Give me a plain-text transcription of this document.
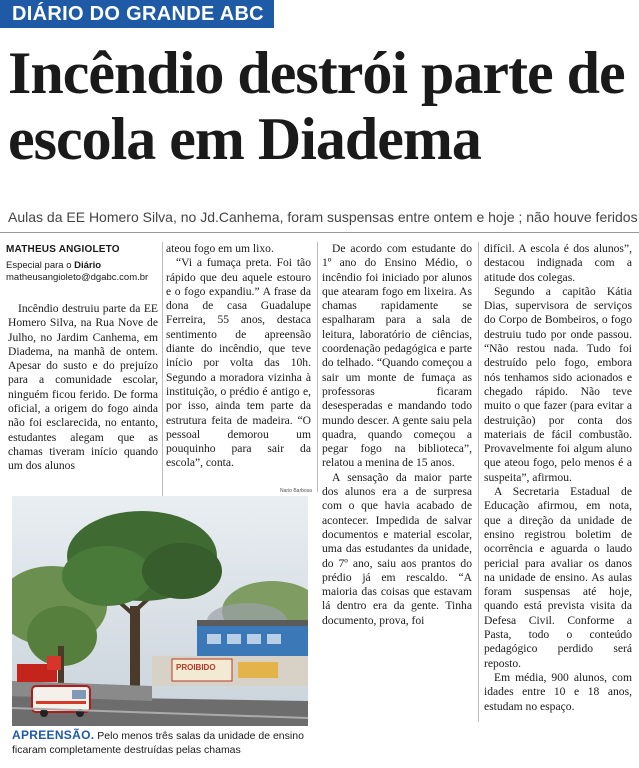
DIÁRIO DO GRANDE ABC
Incêndio destrói parte de escola em Diadema

Aulas da EE Homero Silva, no Jd.Canhema, foram suspensas entre ontem e hoje ; não houve feridos

MATHEUS ANGIOLETO
Especial para o Diário
matheusangioleto@dgabc.com.br

Incêndio destruiu parte da EE Homero Silva, na Rua Nove de Julho, no Jardim Canhema, em Diadema, na manhã de ontem. Apesar do susto e do prejuízo para a comunidade escolar, ninguém ficou ferido. De forma oficial, a origem do fogo ainda não foi esclarecida, no entanto, estudantes alegam que as chamas tiveram início quando um dos alunos

ateou fogo em um lixo.

“Vi a fumaça preta. Foi tão rápido que deu aquele estouro e o fogo expandiu.” A frase da dona de casa Guadalupe Ferreira, 55 anos, destaca sentimento de apreensão diante do incêndio, que teve início por volta das 10h. Segundo a moradora vizinha à instituição, o prédio é antigo e, por isso, ainda tem parte da estrutura feita de madeira. “O pessoal demorou um pouquinho para sair da escola”, conta.

De acordo com estudante do 1º ano do Ensino Médio, o incêndio foi iniciado por alunos que atearam fogo em lixeira. As chamas rapidamente se espalharam para a sala de leitura, laboratório de ciências, coordenação pedagógica e parte do telhado. “Quando começou a sair um monte de fumaça as professoras ficaram desesperadas e mandando todo mundo descer. A gente saiu pela quadra, quando começou a pegar fogo na biblioteca”, relatou a menina de 15 anos.

A sensação da maior parte dos alunos era a de surpresa com o que havia acabado de acontecer. Impedida de salvar documentos e material escolar, uma das estudantes da unidade, do 7º ano, saiu aos prantos do prédio já em rescaldo. “A maioria das coisas que estavam lá dentro era da gente. Tinha documento, prova, foi

difícil. A escola é dos alunos”, destacou indignada com a atitude dos colegas.

Segundo a capitão Kátia Dias, supervisora de serviços do Corpo de Bombeiros, o fogo destruiu tudo por onde passou. “Não restou nada. Tudo foi destruído pelo fogo, embora nós tenhamos sido acionados e chegado rápido. Não teve muito o que fazer (para evitar a destruição) por conta dos materiais de fácil combustão. Provavelmente foi algum aluno que ateou fogo, pelo menos é a suspeita”, afirmou.

A Secretaria Estadual de Educação afirmou, em nota, que a direção da unidade de ensino registrou boletim de ocorrência e aguarda o laudo pericial para avaliar os danos na unidade de ensino. As aulas foram suspensas até hoje, quando está prevista visita da Defesa Civil. Conforme a Pasta, todo o conteúdo pedagógico perdido será reposto.

Em média, 900 alunos, com idades entre 10 e 18 anos, estudam no espaço.

Nario Barbosa
PROIBIDO
APREENSÃO. Pelo menos três salas da unidade de ensino ficaram completamente destruídas pelas chamas
